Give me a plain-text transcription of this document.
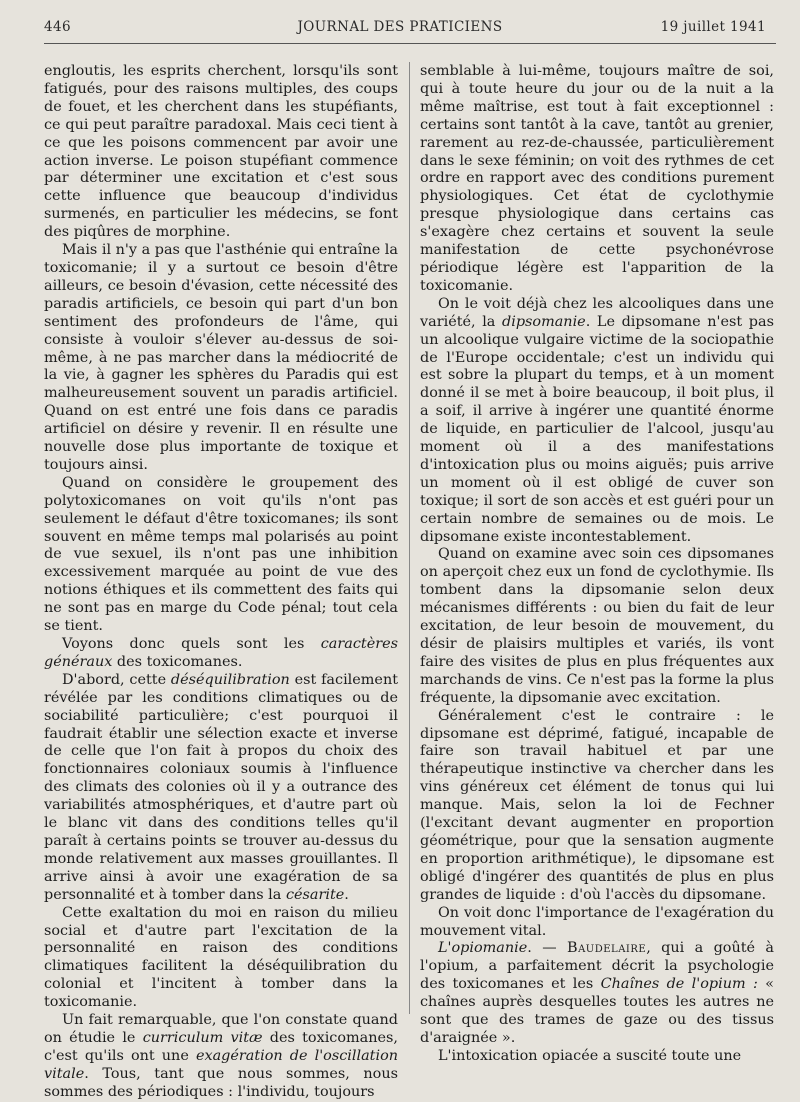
446	JOURNAL DES PRATICIENS	19 juillet 1941

engloutis, les esprits cherchent, lorsqu'ils sont fatigués, pour des raisons multiples, des coups de fouet, et les cherchent dans les stupéfiants, ce qui peut paraître paradoxal. Mais ceci tient à ce que les poisons commencent par avoir une action inverse. Le poison stupéfiant commence par déterminer une excitation et c'est sous cette influence que beaucoup d'individus surmenés, en particulier les médecins, se font des piqûres de morphine.

Mais il n'y a pas que l'asthénie qui entraîne la toxicomanie; il y a surtout ce besoin d'être ailleurs, ce besoin d'évasion, cette nécessité des paradis artificiels, ce besoin qui part d'un bon sentiment des profondeurs de l'âme, qui consiste à vouloir s'élever au-dessus de soi-même, à ne pas marcher dans la médiocrité de la vie, à gagner les sphères du Paradis qui est malheureusement souvent un paradis artificiel. Quand on est entré une fois dans ce paradis artificiel on désire y revenir. Il en résulte une nouvelle dose plus importante de toxique et toujours ainsi.

Quand on considère le groupement des polytoxicomanes on voit qu'ils n'ont pas seulement le défaut d'être toxicomanes; ils sont souvent en même temps mal polarisés au point de vue sexuel, ils n'ont pas une inhibition excessivement marquée au point de vue des notions éthiques et ils commettent des faits qui ne sont pas en marge du Code pénal; tout cela se tient.

Voyons donc quels sont les caractères généraux des toxicomanes.

D'abord, cette déséquilibration est facilement révélée par les conditions climatiques ou de sociabilité particulière; c'est pourquoi il faudrait établir une sélection exacte et inverse de celle que l'on fait à propos du choix des fonctionnaires coloniaux soumis à l'influence des climats des colonies où il y a outrance des variabilités atmosphériques, et d'autre part où le blanc vit dans des conditions telles qu'il paraît à certains points se trouver au-dessus du monde relativement aux masses grouillantes. Il arrive ainsi à avoir une exagération de sa personnalité et à tomber dans la césarite.

Cette exaltation du moi en raison du milieu social et d'autre part l'excitation de la personnalité en raison des conditions climatiques facilitent la déséquilibration du colonial et l'incitent à tomber dans la toxicomanie.

Un fait remarquable, que l'on constate quand on étudie le curriculum vitæ des toxicomanes, c'est qu'ils ont une exagération de l'oscillation vitale. Tous, tant que nous sommes, nous sommes des périodiques : l'individu, toujours

semblable à lui-même, toujours maître de soi, qui à toute heure du jour ou de la nuit a la même maîtrise, est tout à fait exceptionnel : certains sont tantôt à la cave, tantôt au grenier, rarement au rez-de-chaussée, particulièrement dans le sexe féminin; on voit des rythmes de cet ordre en rapport avec des conditions purement physiologiques. Cet état de cyclothymie presque physiologique dans certains cas s'exagère chez certains et souvent la seule manifestation de cette psychonévrose périodique légère est l'apparition de la toxicomanie.

On le voit déjà chez les alcooliques dans une variété, la dipsomanie. Le dipsomane n'est pas un alcoolique vulgaire victime de la sociopathie de l'Europe occidentale; c'est un individu qui est sobre la plupart du temps, et à un moment donné il se met à boire beaucoup, il boit plus, il a soif, il arrive à ingérer une quantité énorme de liquide, en particulier de l'alcool, jusqu'au moment où il a des manifestations d'intoxication plus ou moins aiguës; puis arrive un moment où il est obligé de cuver son toxique; il sort de son accès et est guéri pour un certain nombre de semaines ou de mois. Le dipsomane existe incontestablement.

Quand on examine avec soin ces dipsomanes on aperçoit chez eux un fond de cyclothymie. Ils tombent dans la dipsomanie selon deux mécanismes différents : ou bien du fait de leur excitation, de leur besoin de mouvement, du désir de plaisirs multiples et variés, ils vont faire des visites de plus en plus fréquentes aux marchands de vins. Ce n'est pas la forme la plus fréquente, la dipsomanie avec excitation.

Généralement c'est le contraire : le dipsomane est déprimé, fatigué, incapable de faire son travail habituel et par une thérapeutique instinctive va chercher dans les vins généreux cet élément de tonus qui lui manque. Mais, selon la loi de Fechner (l'excitant devant augmenter en proportion géométrique, pour que la sensation augmente en proportion arithmétique), le dipsomane est obligé d'ingérer des quantités de plus en plus grandes de liquide : d'où l'accès du dipsomane.

On voit donc l'importance de l'exagération du mouvement vital.

L'opiomanie. — Baudelaire, qui a goûté à l'opium, a parfaitement décrit la psychologie des toxicomanes et les Chaînes de l'opium : « chaînes auprès desquelles toutes les autres ne sont que des trames de gaze ou des tissus d'araignée ».

L'intoxication opiacée a suscité toute une
